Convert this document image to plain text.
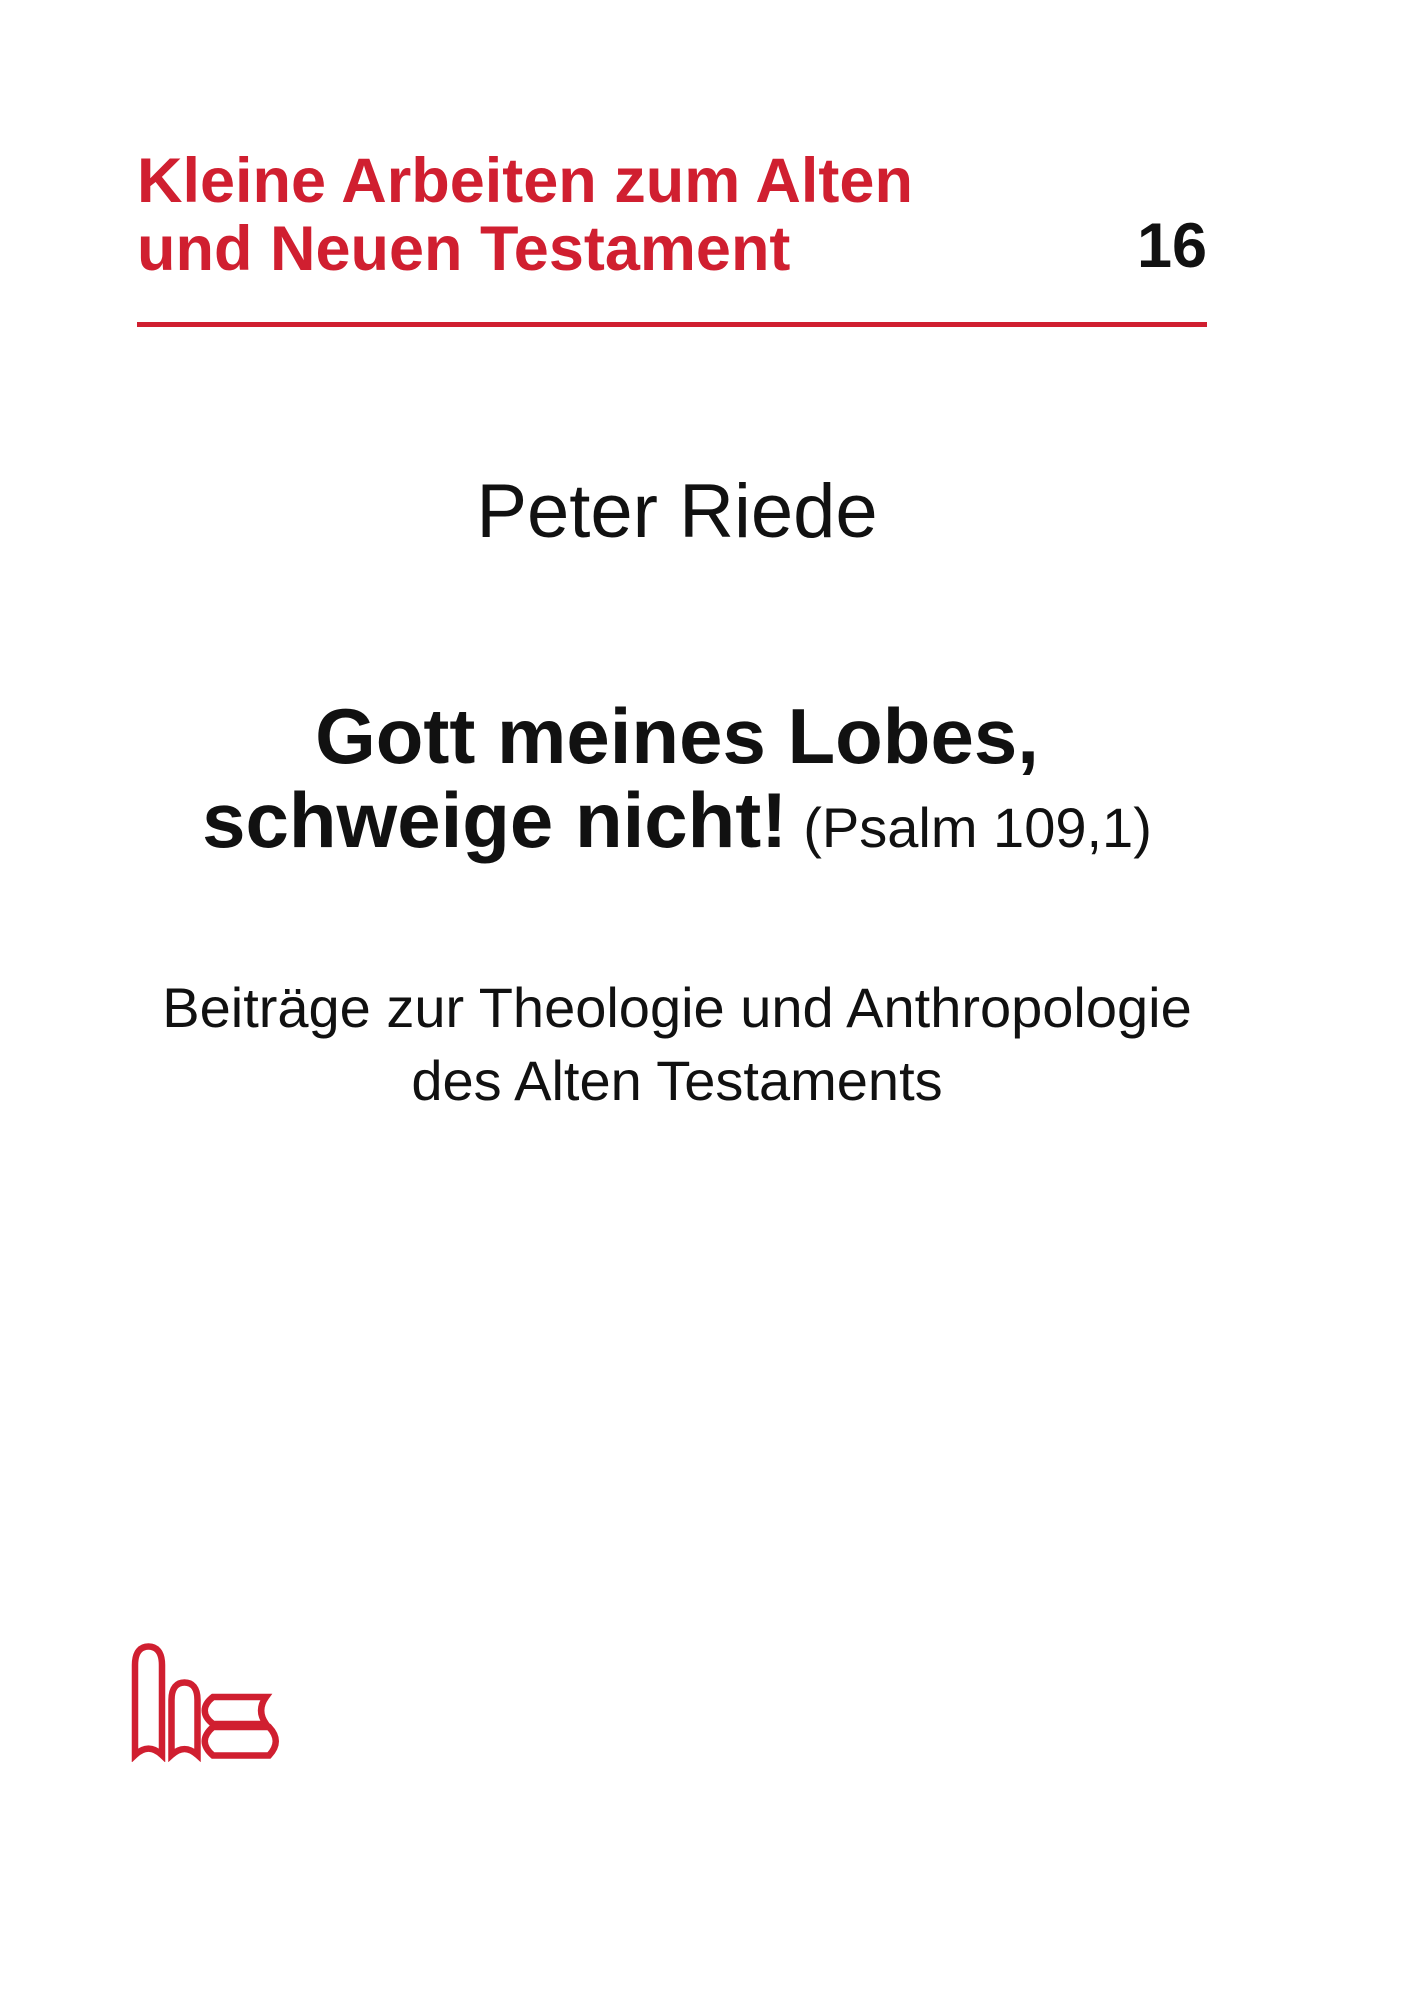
Kleine Arbeiten zum Alten
und Neuen Testament	16
Peter Riede
Gott meines Lobes,
schweige nicht! (Psalm 109,1)
Beiträge zur Theologie und Anthropologie
des Alten Testaments
